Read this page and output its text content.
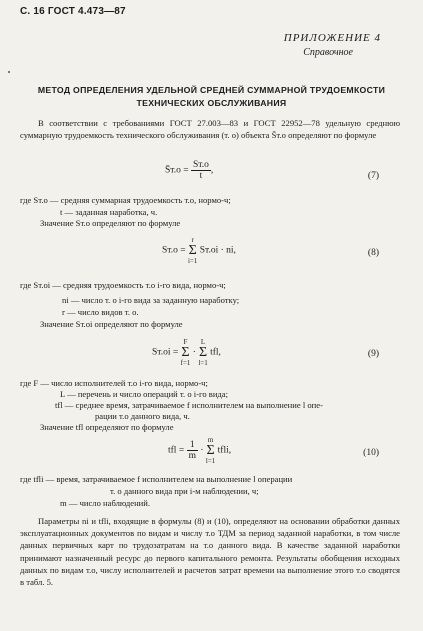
С. 16 ГОСТ 4.473—87
ПРИЛОЖЕНИЕ 4
Справочное
МЕТОД ОПРЕДЕЛЕНИЯ УДЕЛЬНОЙ СРЕДНЕЙ СУММАРНОЙ ТРУДОЕМКОСТИ
ТЕХНИЧЕСКИХ ОБСЛУЖИВАНИЯ
В соответствии с требованиями ГОСТ 27.003—83 и ГОСТ 22952—78 удельную среднюю суммарную трудоемкость технического обслуживания (т. о) объекта S̄т.о определяют по формуле
S̄т.о = $\frac{Sт.о}{t}$ ,
(7)
где Sт.о — средняя суммарная трудоемкость т.о, нормо-ч;
t — заданная наработка, ч.
Значение Sт.о определяют по формуле
Sт.о =
r
Σ
i=1
Sт.оi · ni,	(8)
где Sт.оi — средняя трудоемкость т.о i-го вида, нормо-ч;
ni — число т. о i-го вида за заданную наработку;
r — число видов т. о.
Значение Sт.оi определяют по формуле
Sт.оi =
F
Σ
f=1
·
L
Σ
l=1
tfl,	(9)
где F — число исполнителей т.о i-го вида, нормо-ч;
L — перечень и число операций т. о i-го вида;
tfl — среднее время, затрачиваемое f исполнителем на выполнение l опе-
рации т.о данного вида, ч.
Значение tfl определяют по формуле
tfl = $\frac{1}{m}$ ·
m
Σ
l=1
tfli,	(10)
где tfli — время, затрачиваемое f исполнителем на выполнение l операции
т. о данного вида при i-м наблюдении, ч;
m — число наблюдений.
Параметры ni и tfli, входящие в формулы (8) и (10), определяют на основании обработки данных эксплуатационных документов по видам и числу т.о ТДМ за период заданной наработки, в том числе данных первичных карт по трудозатратам на т.о данного вида. В качестве заданной наработки принимают назначенный ресурс до первого капитального ремонта. Результаты обобщения исходных данных по видам т.о, числу исполнителей и расчетов затрат времени на выполнение этого т.о сводятся в табл. 5.
